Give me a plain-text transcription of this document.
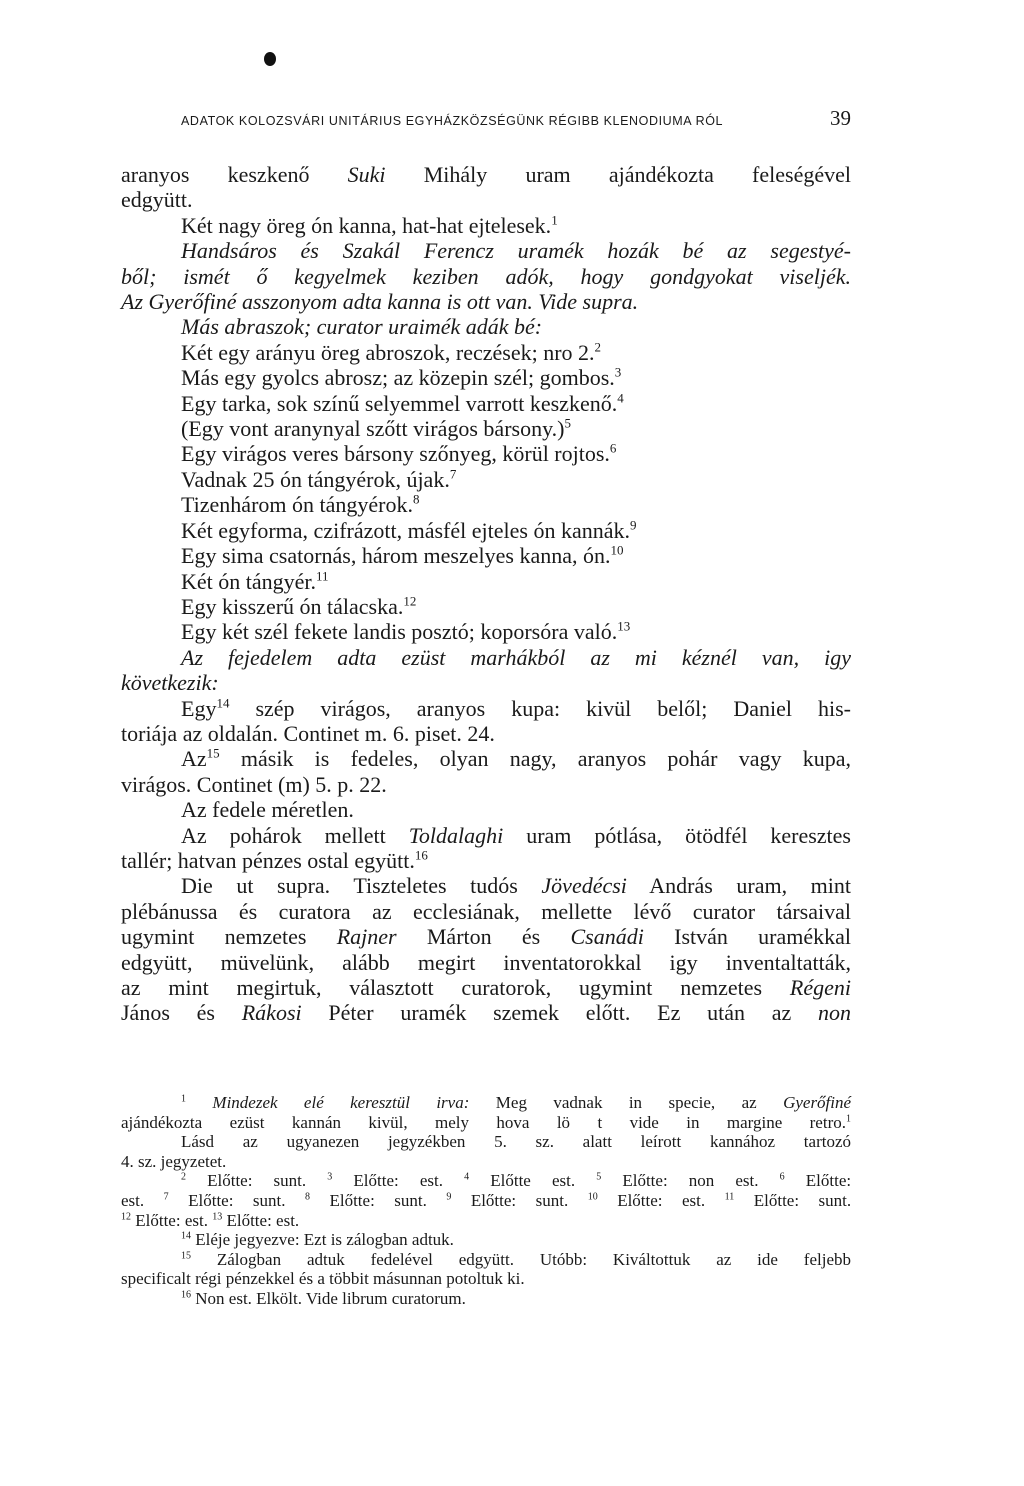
ADATOK KOLOZSVÁRI UNITÁRIUS EGYHÁZKÖZSÉGÜNK RÉGIBB KLENODIUMA RÓL	39

aranyos keszkenő Suki Mihály uram ajándékozta feleségével

edgyütt.

Két nagy öreg ón kanna, hat-hat ejtelesek.$^1$

Handsáros és Szakál Ferencz uramék hozák bé az segestyé-

ből; ismét ő kegyelmek keziben adók, hogy gondgyokat viseljék.

Az Gyerőfiné asszonyom adta kanna is ott van. Vide supra.

Más abraszok; curator uraimék adák bé:

Két egy arányu öreg abroszok, reczések; nro 2.$^2$

Más egy gyolcs abrosz; az közepin szél; gombos.$^3$

Egy tarka, sok színű selyemmel varrott keszkenő.$^4$

(Egy vont aranynyal szőtt virágos bársony.)$^5$

Egy virágos veres bársony szőnyeg, körül rojtos.$^6$

Vadnak 25 ón tángyérok, újak.$^7$

Tizenhárom ón tángyérok.$^8$

Két egyforma, czifrázott, másfél ejteles ón kannák.$^9$

Egy sima csatornás, három meszelyes kanna, ón.$^{10}$

Két ón tángyér.$^{11}$

Egy kisszerű ón tálacska.$^{12}$

Egy két szél fekete landis posztó; koporsóra való.$^{13}$

Az fejedelem adta ezüst marhákból az mi kéznél van, igy

következik:

Egy$^{14}$ szép virágos, aranyos kupa: kivül belől; Daniel his-

toriája az oldalán. Continet m. 6. piset. 24.

Az$^{15}$ másik is fedeles, olyan nagy, aranyos pohár vagy kupa,

virágos. Continet (m) 5. p. 22.

Az fedele méretlen.

Az pohárok mellett Toldalaghi uram pótlása, ötödfél keresztes

tallér; hatvan pénzes ostal együtt.$^{16}$

Die ut supra. Tiszteletes tudós Jövedécsi András uram, mint

plébánussa és curatora az ecclesiának, mellette lévő curator társaival

ugymint nemzetes Rajner Márton és Csanádi István uramékkal

edgyütt, müvelünk, alább megirt inventatorokkal igy inventaltatták,

az mint megirtuk, választott curatorok, ugymint nemzetes Régeni

János és Rákosi Péter uramék szemek előtt. Ez után az non

$^1$ Mindezek elé keresztül irva: Meg vadnak in specie, az Gyerőfiné

ajándékozta ezüst kannán kivül, mely hova lö t vide in margine retro.$^1$

Lásd az ugyanezen jegyzékben 5. sz. alatt leírott kannához tartozó

4. sz. jegyzetet.

$^2$ Előtte: sunt. $^3$ Előtte: est. $^4$ Előtte est. $^5$ Előtte: non est. $^6$ Előtte:

est. $^7$ Előtte: sunt. $^8$ Előtte: sunt. $^9$ Előtte: sunt. $^{10}$ Előtte: est. $^{11}$ Előtte: sunt.

$^{12}$ Előtte: est. $^{13}$ Előtte: est.

$^{14}$ Eléje jegyezve: Ezt is zálogban adtuk.

$^{15}$ Zálogban adtuk fedelével edgyütt. Utóbb: Kiváltottuk az ide feljebb

specificalt régi pénzekkel és a többit másunnan potoltuk ki.

$^{16}$ Non est. Elkölt. Vide librum curatorum.
